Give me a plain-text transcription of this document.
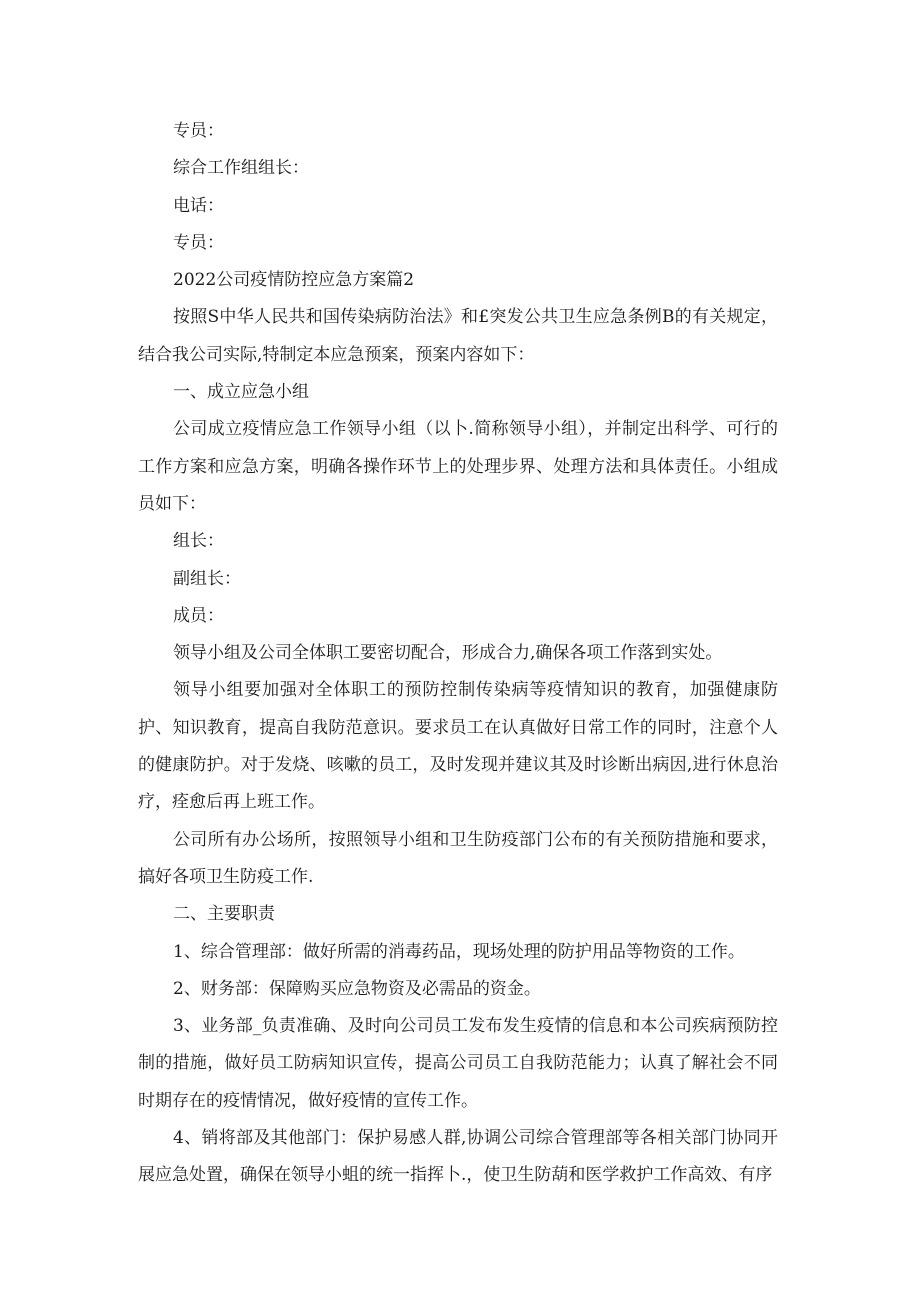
专员：

综合工作组组长：

电话：

专员：

2022公司疫情防控应急方案篇2

按照S中华人民共和国传染病防治法》和£突发公共卫生应急条例B的有关规定，结合我公司实际,特制定本应急预案，预案内容如下：

一、成立应急小组

公司成立疫情应急工作领导小组（以卜.简称领导小组），并制定出科学、可行的工作方案和应急方案，明确各操作环节上的处理步界、处理方法和具体责任。小组成员如下：

组长：

副组长：

成员：

领导小组及公司全体职工要密切配合，形成合力,确保各项工作落到实处。

领导小组要加强对全体职工的预防控制传染病等疫情知识的教育，加强健康防护、知识教育，提高自我防范意识。要求员工在认真做好日常工作的同时，注意个人的健康防护。对于发烧、咳嗽的员工，及时发现并建议其及时诊断出病因,进行休息治疗，痊愈后再上班工作。

公司所有办公场所，按照领导小组和卫生防疫部门公布的有关预防措施和要求，搞好各项卫生防疫工作.

二、主要职责

1、综合管理部：做好所需的消毒药品，现场处理的防护用品等物资的工作。

2、财务部：保障购买应急物资及必需品的资金。

3、业务部_负责准确、及时向公司员工发布发生疫情的信息和本公司疾病预防控制的措施，做好员工防病知识宣传，提高公司员工自我防范能力；认真了解社会不同时期存在的疫情情况，做好疫情的宣传工作。

4、销将部及其他部门：保护易感人群,协调公司综合管理部等各相关部门协同开展应急处置，确保在领导小蛆的统一指挥卜.，使卫生防葫和医学救护工作高效、有序
